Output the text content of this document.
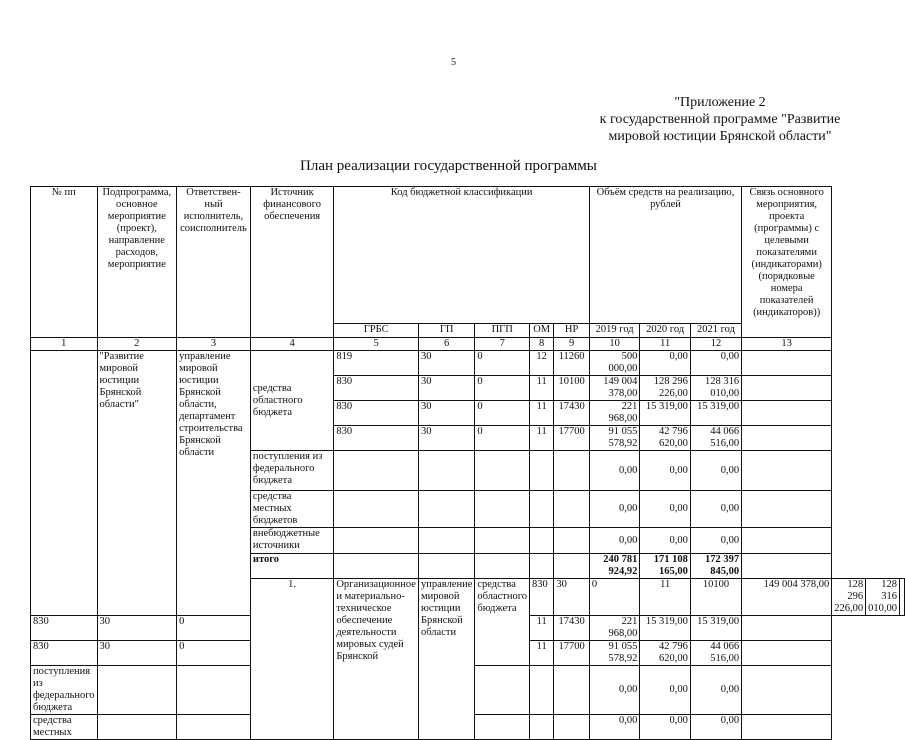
5
"Приложение 2
к государственной программе "Развитие
мировой юстиции Брянской области"
План реализации государственной программы
№ пп	Подпрограмма, основное мероприятие (проект), направление расходов, мероприятие	Ответствен-ный исполнитель, соисполнитель	Источник финансового обеспечения	Код бюджетной классификации					Объём средств на реализацию, рублей			Связь основного мероприятия, проекта (программы) с целевыми показателями (индикаторами) (порядковые номера показателей (индикаторов))			
				ГРБС	ГП	ПГП	ОМ	НР	2019 год	2020 год	2021 год				
1	2	3	4	5	6	7	8	9	10	11	12	13			
	"Развитие мировой юстиции Брянской области"	управление мировой юстиции Брянской области, департамент строительства Брянской области	средства областного бюджета	819	30	0	12	11260	500 000,00	0,00	0,00				
				830	30	0	11	10100	149 004 378,00	128 296 226,00	128 316 010,00				
				830	30	0	11	17430	221 968,00	15 319,00	15 319,00				
				830	30	0	11	17700	91 055 578,92	42 796 620,00	44 066 516,00				
			поступления из федерального бюджета						0,00	0,00	0,00				
			средства местных бюджетов						0,00	0,00	0,00				
			внебюджетные источники						0,00	0,00	0,00				
			итого						240 781 924,92	171 108 165,00	172 397 845,00				
			1.	Организационное и материально-техническое обеспечение деятельности мировых судей Брянской	управление мировой юстиции Брянской области	средства областного бюджета	830	30	0	11	10100	149 004 378,00	128 296 226,00	128 316 010,00	
830	30	0					11	17430	221 968,00	15 319,00	15 319,00				
830	30	0					11	17700	91 055 578,92	42 796 620,00	44 066 516,00				
поступления из федерального бюджета									0,00	0,00	0,00				
средства местных									0,00	0,00	0,00				
